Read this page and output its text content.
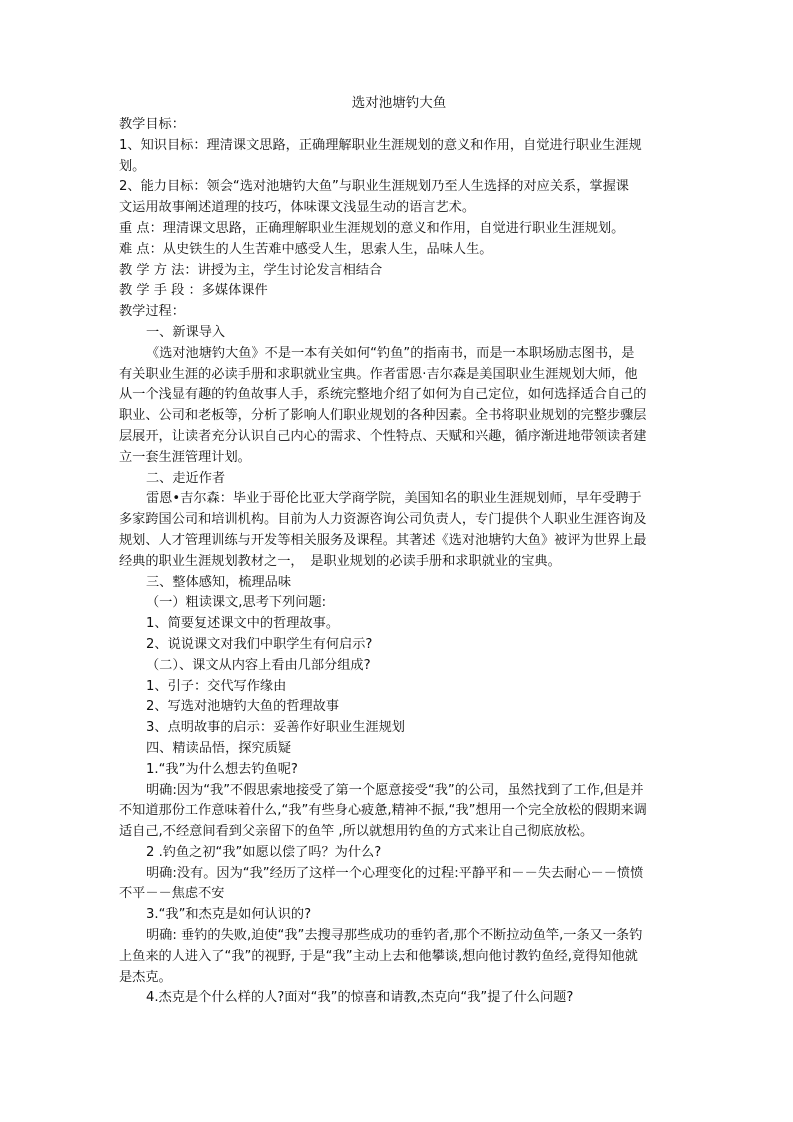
选对池塘钓大鱼

教学目标：

1、知识目标：理清课文思路，正确理解职业生涯规划的意义和作用，自觉进行职业生涯规

划。

2、能力目标：领会“选对池塘钓大鱼”与职业生涯规划乃至人生选择的对应关系，掌握课

文运用故事阐述道理的技巧，体味课文浅显生动的语言艺术。

重 点：理清课文思路，正确理解职业生涯规划的意义和作用，自觉进行职业生涯规划。

难 点：从史铁生的人生苦难中感受人生，思索人生，品味人生。

教 学 方 法：讲授为主，学生讨论发言相结合

教 学 手 段 ：多媒体课件

教学过程：

一、新课导入

《选对池塘钓大鱼》不是一本有关如何“钓鱼”的指南书，而是一本职场励志图书，是

有关职业生涯的必读手册和求职就业宝典。作者雷恩·吉尔森是美国职业生涯规划大师，他

从一个浅显有趣的钓鱼故事人手，系统完整地介绍了如何为自己定位，如何选择适合自己的

职业、公司和老板等，分析了影响人们职业规划的各种因素。全书将职业规划的完整步骤层

层展开，让读者充分认识自己内心的需求、个性特点、天赋和兴趣，循序渐进地带领读者建

立一套生涯管理计划。

二、走近作者

雷恩•吉尔森：毕业于哥伦比亚大学商学院，美国知名的职业生涯规划师，早年受聘于

多家跨国公司和培训机构。目前为人力资源咨询公司负责人，专门提供个人职业生涯咨询及

规划、人才管理训练与开发等相关服务及课程。其著述《选对池塘钓大鱼》被评为世界上最

经典的职业生涯规划教材之一，　是职业规划的必读手册和求职就业的宝典。

三、整体感知，梳理品味

（一）粗读课文,思考下列问题:

1、简要复述课文中的哲理故事。

2、说说课文对我们中职学生有何启示?

（二）、课文从内容上看由几部分组成?

1、引子：交代写作缘由

2、写选对池塘钓大鱼的哲理故事

3、点明故事的启示：妥善作好职业生涯规划

四、精读品悟，探究质疑

1.“我”为什么想去钓鱼呢?

明确:因为“我”不假思索地接受了第一个愿意接受“我”的公司，虽然找到了工作,但是并

不知道那份工作意味着什么,“我”有些身心疲惫,精神不振,“我”想用一个完全放松的假期来调

适自己,不经意间看到父亲留下的鱼竿 ,所以就想用钓鱼的方式来让自己彻底放松。

2 .钓鱼之初“我”如愿以偿了吗？为什么?

明确:没有。因为“我”经历了这样一个心理变化的过程:平静平和－－失去耐心－－愤愤

不平－－焦虑不安

3.“我”和杰克是如何认识的?

明确: 垂钓的失败,迫使“我”去搜寻那些成功的垂钓者,那个不断拉动鱼竿,一条又一条钓

上鱼来的人进入了“我”的视野, 于是“我”主动上去和他攀谈,想向他讨教钓鱼经,竟得知他就

是杰克。

4.杰克是个什么样的人?面对“我”的惊喜和请教,杰克向“我”提了什么问题?
